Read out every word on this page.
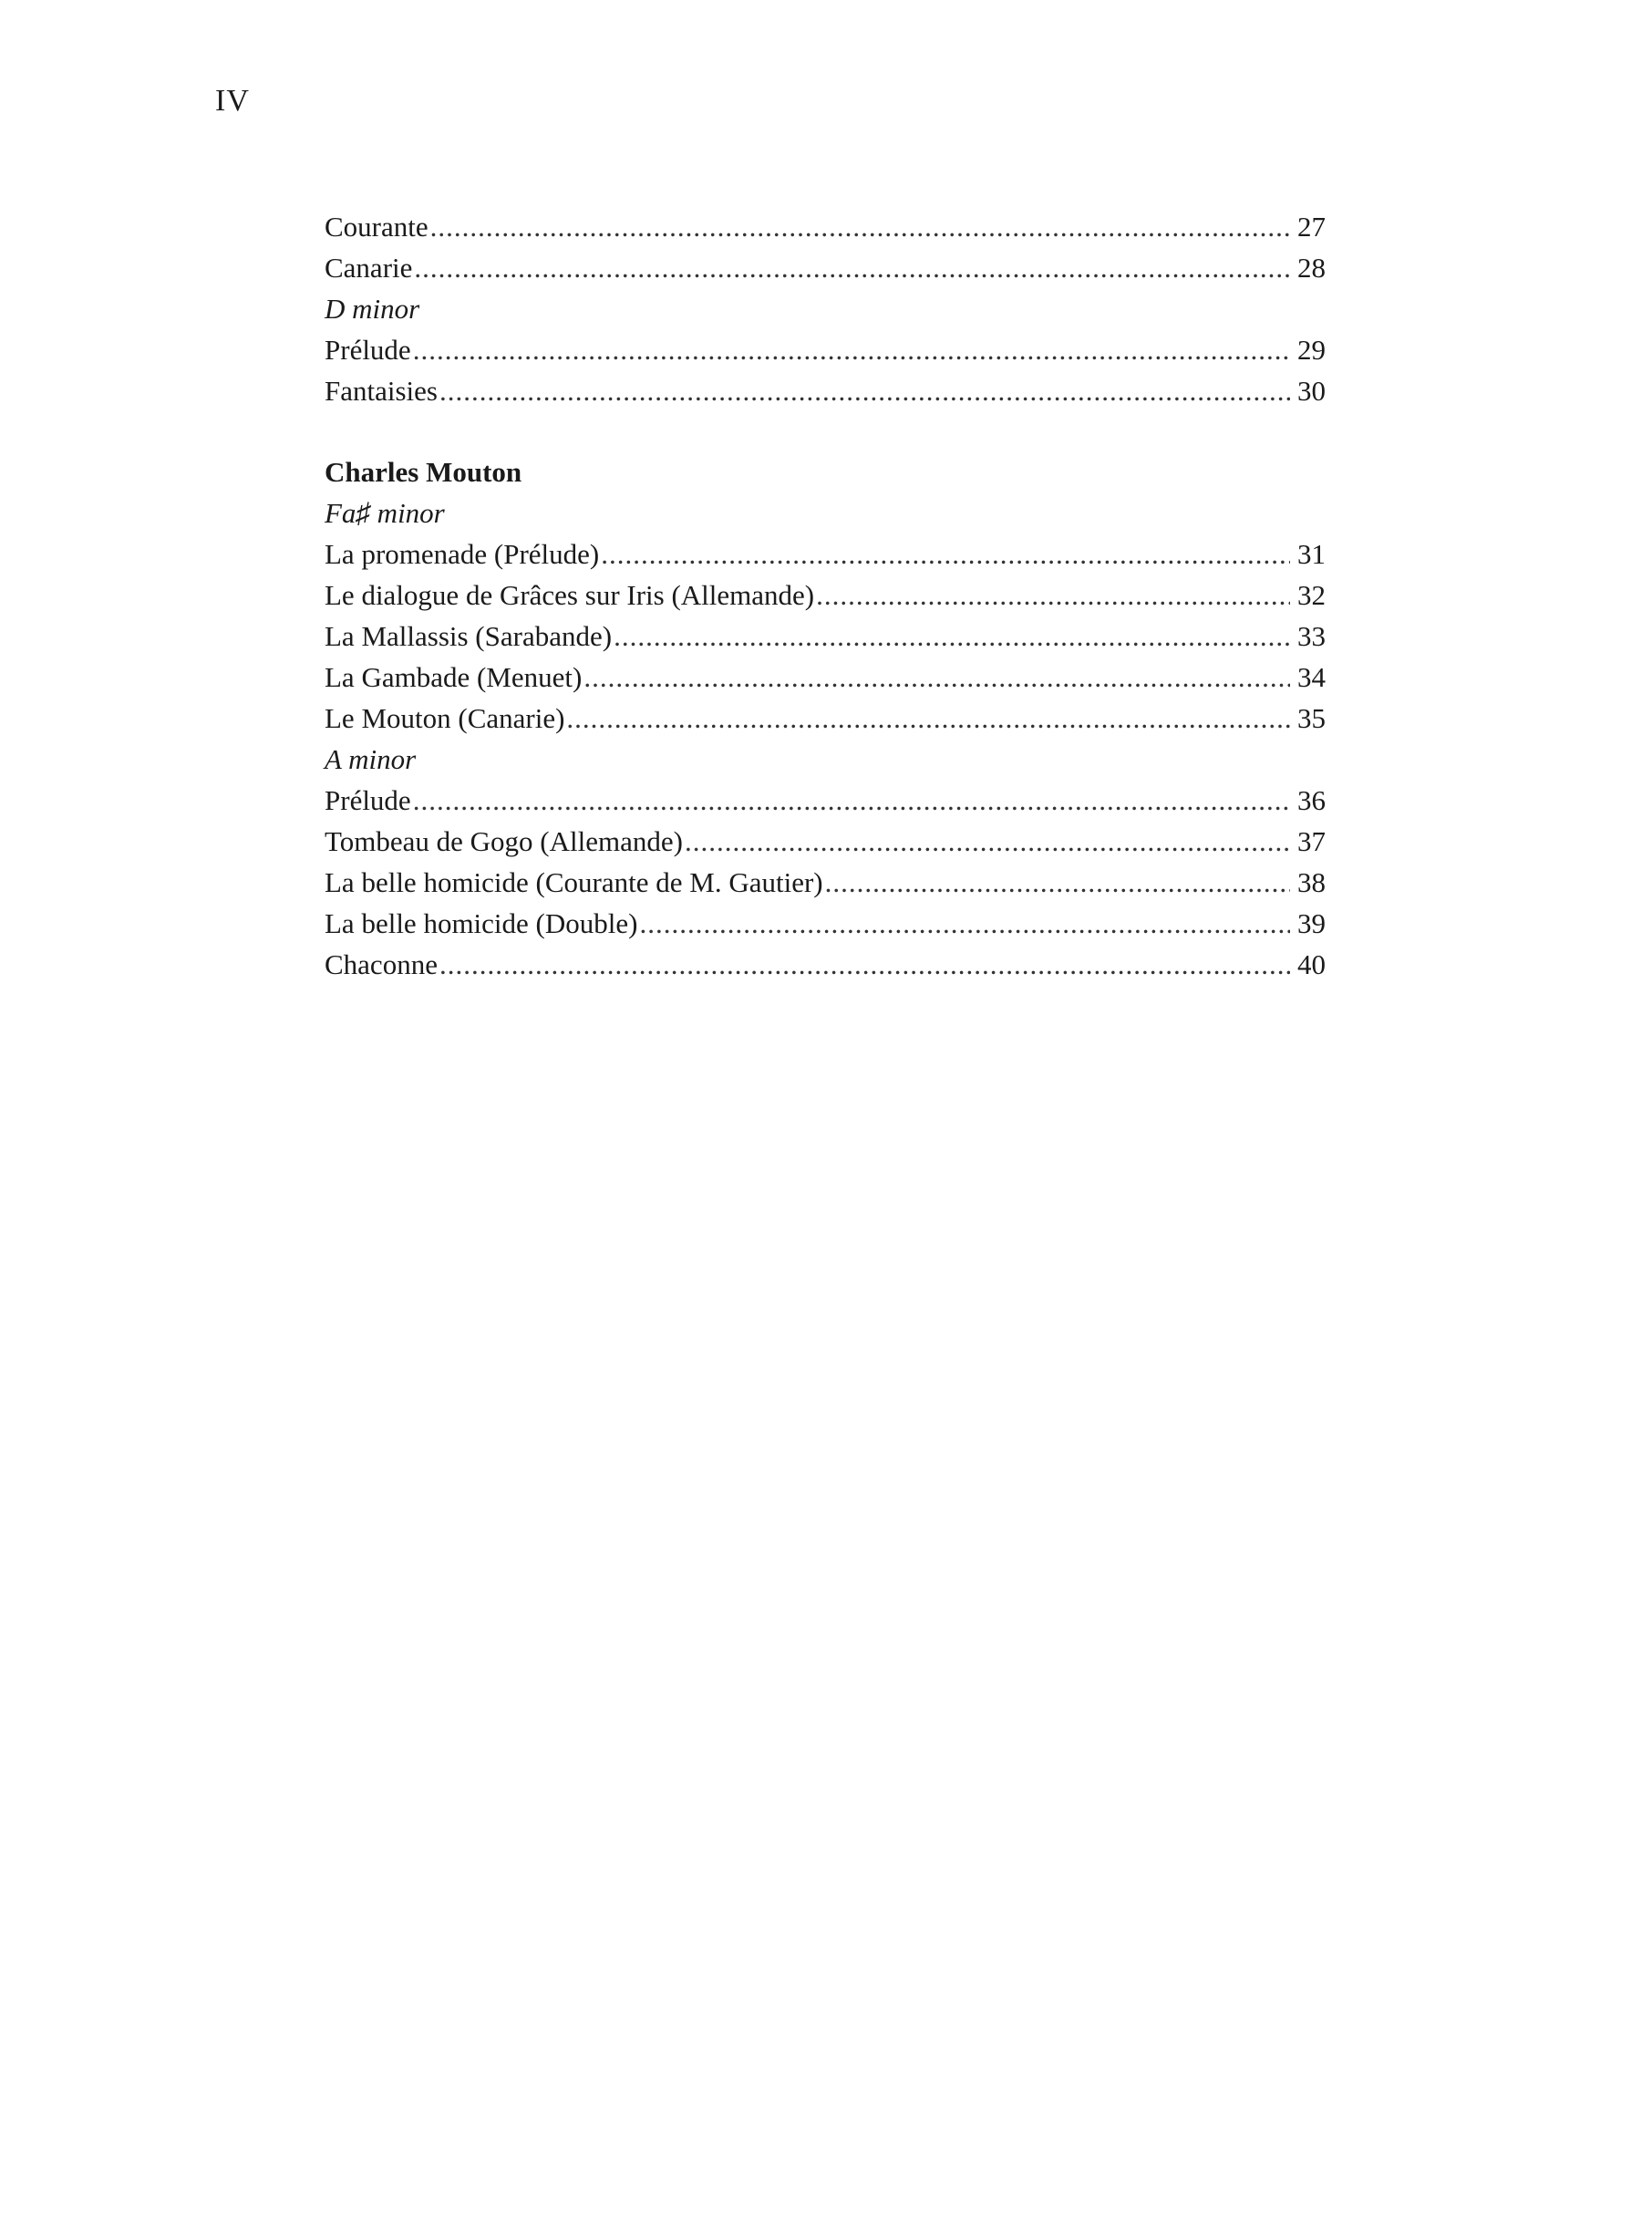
IV
Courante .....	27
Canarie .....	28
D minor
Prélude .....	29
Fantaisies .....	30
Charles Mouton
Fa♯ minor
La promenade (Prélude) .....	31
Le dialogue de Grâces sur Iris (Allemande) .....	32
La Mallassis (Sarabande) .....	33
La Gambade (Menuet) .....	34
Le Mouton (Canarie) .....	35
A minor
Prélude .....	36
Tombeau de Gogo (Allemande) .....	37
La belle homicide (Courante de M. Gautier) .....	38
La belle homicide (Double) .....	39
Chaconne .....	40
